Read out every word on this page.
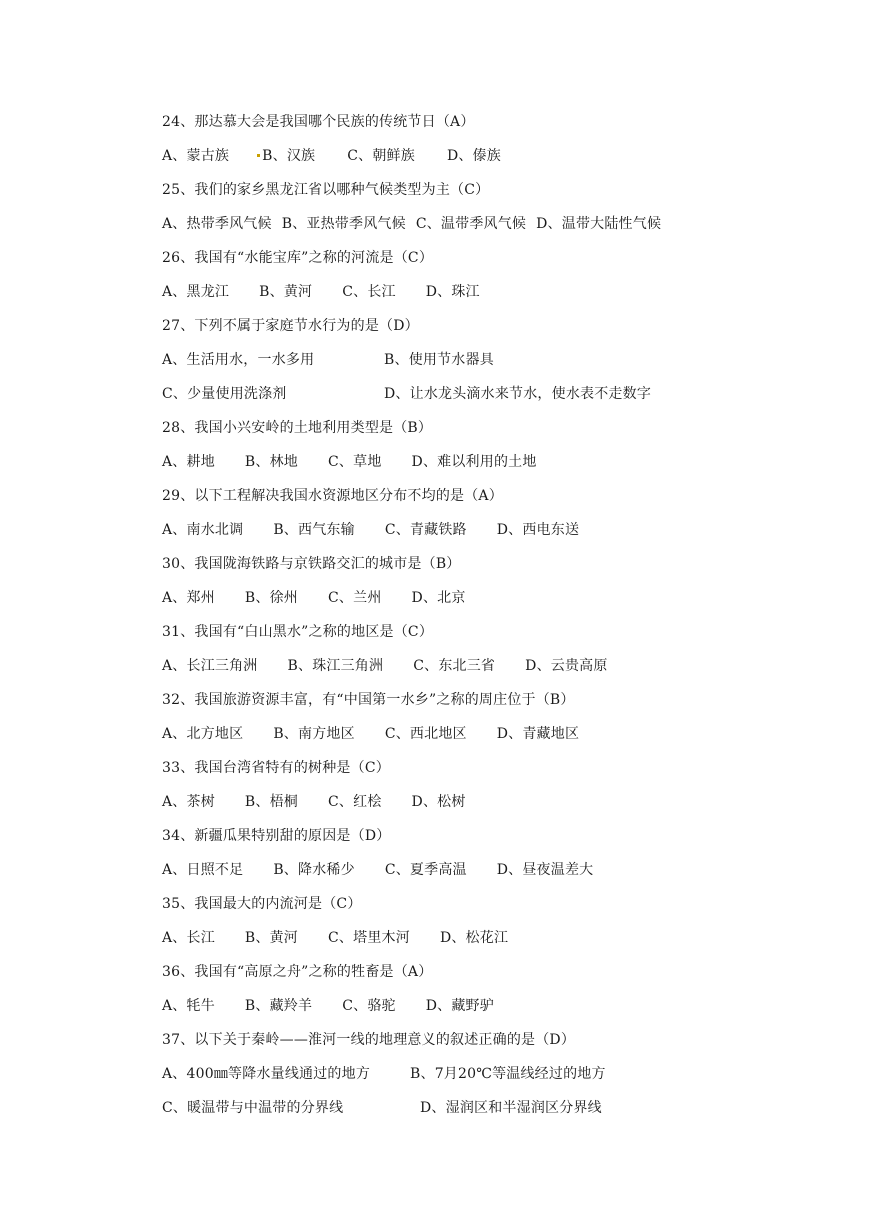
24、那达慕大会是我国哪个民族的传统节日（A）
A、蒙古族 B、汉族 C、朝鲜族 D、傣族
25、我们的家乡黑龙江省以哪种气候类型为主（C）
A、热带季风气候 B、亚热带季风气候 C、温带季风气候 D、温带大陆性气候
26、我国有“水能宝库”之称的河流是（C）
A、黑龙江 B、黄河 C、长江 D、珠江
27、下列不属于家庭节水行为的是（D）
A、生活用水，一水多用	B、使用节水器具
C、少量使用洗涤剂	D、让水龙头滴水来节水，使水表不走数字
28、我国小兴安岭的土地利用类型是（B）
A、耕地 B、林地 C、草地 D、难以利用的土地
29、以下工程解决我国水资源地区分布不均的是（A）
A、南水北调 B、西气东输 C、青藏铁路 D、西电东送
30、我国陇海铁路与京铁路交汇的城市是（B）
A、郑州 B、徐州 C、兰州 D、北京
31、我国有“白山黑水”之称的地区是（C）
A、长江三角洲 B、珠江三角洲 C、东北三省 D、云贵高原
32、我国旅游资源丰富，有“中国第一水乡”之称的周庄位于（B）
A、北方地区 B、南方地区 C、西北地区 D、青藏地区
33、我国台湾省特有的树种是（C）
A、茶树 B、梧桐 C、红桧 D、松树
34、新疆瓜果特别甜的原因是（D）
A、日照不足 B、降水稀少 C、夏季高温 D、昼夜温差大
35、我国最大的内流河是（C）
A、长江 B、黄河 C、塔里木河 D、松花江
36、我国有“高原之舟”之称的牲畜是（A）
A、牦牛 B、藏羚羊 C、骆驼 D、藏野驴
37、以下关于秦岭——淮河一线的地理意义的叙述正确的是（D）
A、400㎜等降水量线通过的地方	B、7月20℃等温线经过的地方
C、暖温带与中温带的分界线	D、湿润区和半湿润区分界线
